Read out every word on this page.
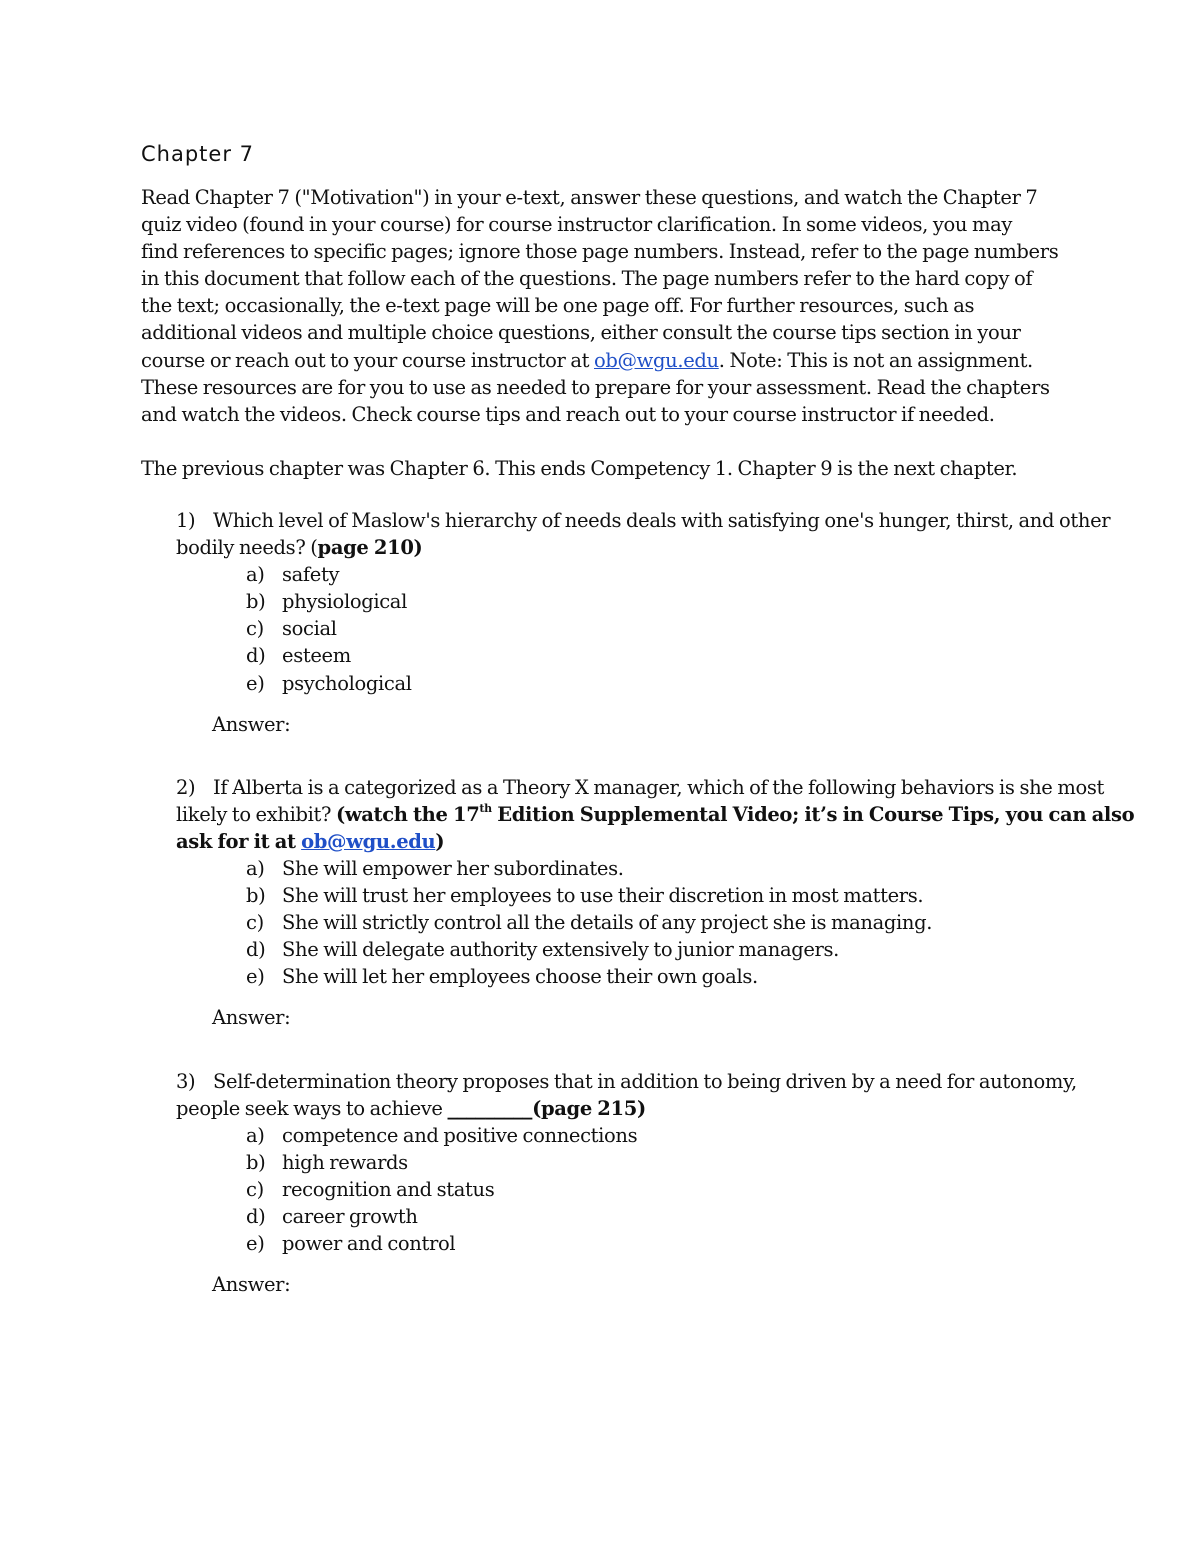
Chapter 7

Read Chapter 7 ("Motivation") in your e-text, answer these questions, and watch the Chapter 7
quiz video (found in your course) for course instructor clarification. In some videos, you may
find references to specific pages; ignore those page numbers. Instead, refer to the page numbers
in this document that follow each of the questions. The page numbers refer to the hard copy of
the text; occasionally, the e-text page will be one page off. For further resources, such as
additional videos and multiple choice questions, either consult the course tips section in your
course or reach out to your course instructor at ob@wgu.edu. Note: This is not an assignment.
These resources are for you to use as needed to prepare for your assessment. Read the chapters
and watch the videos. Check course tips and reach out to your course instructor if needed.

The previous chapter was Chapter 6. This ends Competency 1. Chapter 9 is the next chapter.

1) Which level of Maslow's hierarchy of needs deals with satisfying one's hunger, thirst, and other
bodily needs? (page 210)
a) safety
b) physiological
c) social
d) esteem
e) psychological
Answer:
2) If Alberta is a categorized as a Theory X manager, which of the following behaviors is she most
likely to exhibit? (watch the 17th Edition Supplemental Video; it’s in Course Tips, you can also
ask for it at ob@wgu.edu)
a) She will empower her subordinates.
b) She will trust her employees to use their discretion in most matters.
c) She will strictly control all the details of any project she is managing.
d) She will delegate authority extensively to junior managers.
e) She will let her employees choose their own goals.
Answer:
3) Self-determination theory proposes that in addition to being driven by a need for autonomy,
people seek ways to achieve _________(page 215)
a) competence and positive connections
b) high rewards
c) recognition and status
d) career growth
e) power and control
Answer:
